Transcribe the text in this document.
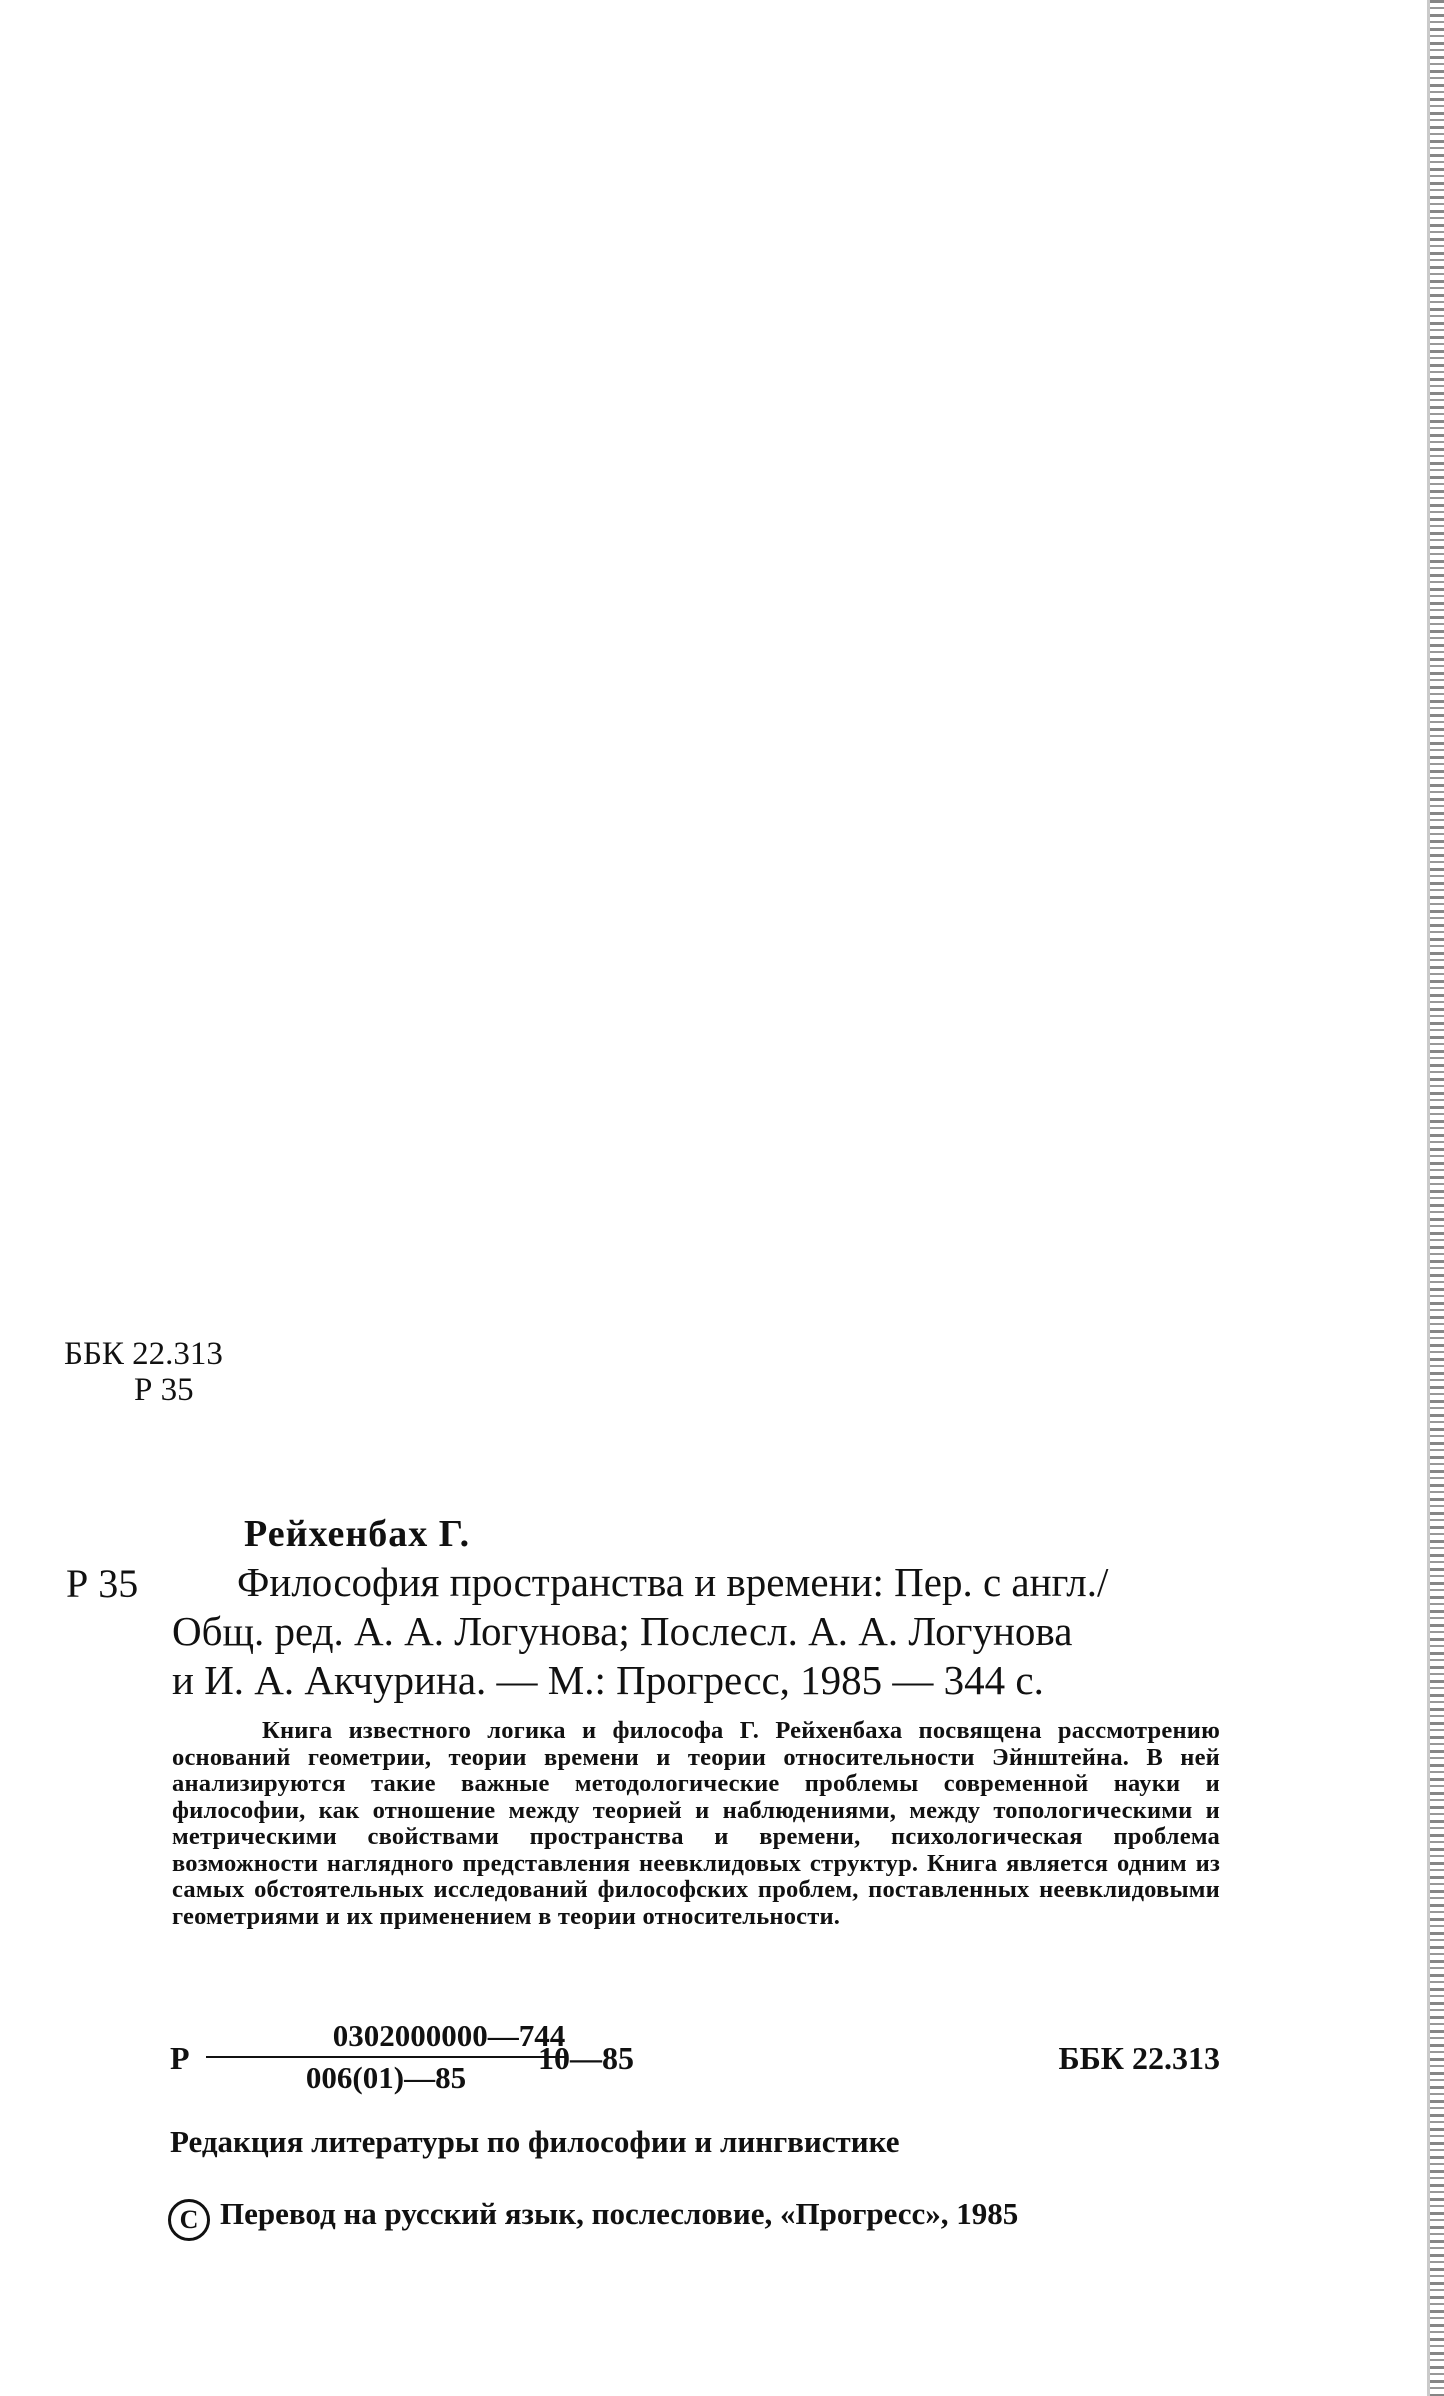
ББК 22.313
Р 35
Рейхенбах Г.
Р 35	Философия пространства и времени: Пер. с англ./
Общ. ред. А. А. Логунова; Послесл. А. А. Логунова
и И. А. Акчурина. — М.: Прогресс, 1985 — 344 с.
Книга известного логика и философа Г. Рейхенбаха посвящена рассмотрению оснований геометрии, теории времени и теории относительности Эйнштейна. В ней анализируются такие важные методологические проблемы современной науки и философии, как отношение между теорией и наблюдениями, между топологическими и метрическими свойствами пространства и времени, психологическая проблема возможности наглядного представления неевклидовых структур. Книга является одним из самых обстоятельных исследований философских проблем, поставленных неевклидовыми геометриями и их применением в теории относительности.
Р
0302000000—744
006(01)—85
10—85	ББК 22.313
Редакция литературы по философии и лингвистике
C Перевод на русский язык, послесловие, «Прогресс», 1985
